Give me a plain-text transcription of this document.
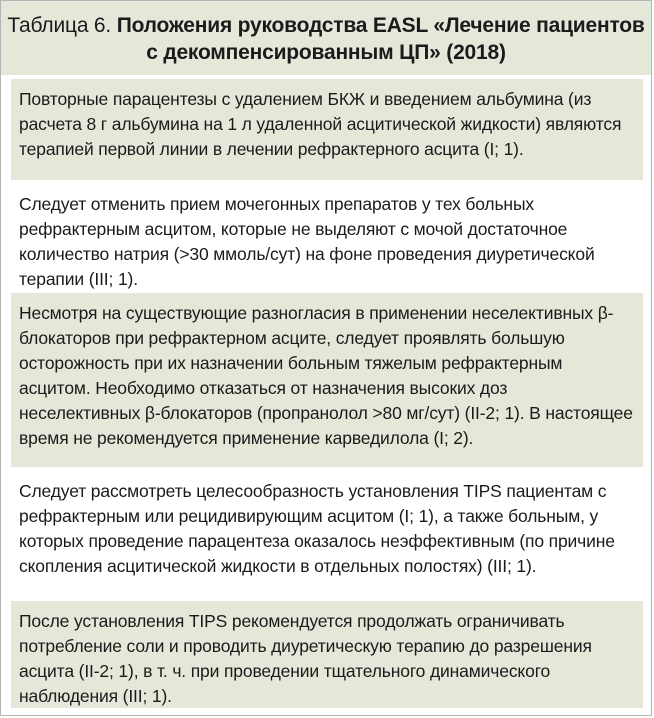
Таблица 6. Положения руководства EASL «Лечение пациентов с декомпенсированным ЦП» (2018)
Повторные парацентезы с удалением БКЖ и введением альбумина (из расчета 8 г альбумина на 1 л удаленной асцитической жидкости) являются терапией первой линии в лечении рефрактерного асцита (I; 1).
Следует отменить прием мочегонных препаратов у тех больных рефрактерным асцитом, которые не выделяют с мочой достаточное количество натрия (>30 ммоль/сут) на фоне проведения диуретической терапии (III; 1).
Несмотря на существующие разногласия в применении неселективных β-блокаторов при рефрактерном асците, следует проявлять большую осторожность при их назначении больным тяжелым рефрактерным асцитом. Необходимо отказаться от назначения высоких доз неселективных β-блокаторов (пропранолол >80 мг/сут) (II-2; 1). В настоящее время не рекомендуется применение карведилола (I; 2).
Следует рассмотреть целесообразность установления TIPS пациентам с рефрактерным или рецидивирующим асцитом (I; 1), а также больным, у которых проведение парацентеза оказалось неэффективным (по причине скопления асцитической жидкости в отдельных полостях) (III; 1).
После установления TIPS рекомендуется продолжать ограничивать потребление соли и проводить диуретическую терапию до разрешения асцита (II-2; 1), в т. ч. при проведении тщательного динамического наблюдения (III; 1).
